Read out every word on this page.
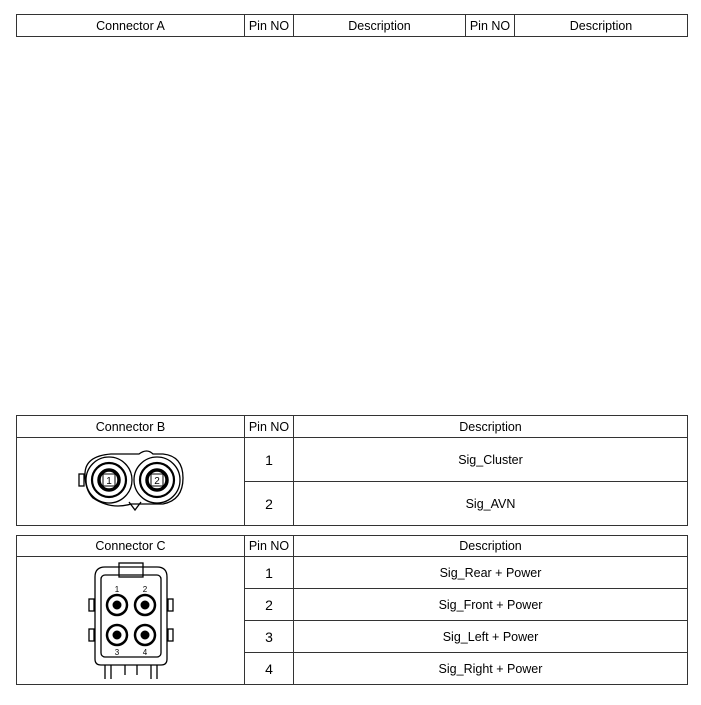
Connector A	Pin NO	Description	Pin NO	Description
Connector B	Pin NO	Description

1 2	1	Sig_Cluster
	2	Sig_AVN
Connector C	Pin NO	Description

1 2
3 4	1	Sig_Rear + Power
	2	Sig_Front + Power
	3	Sig_Left + Power
	4	Sig_Right + Power
